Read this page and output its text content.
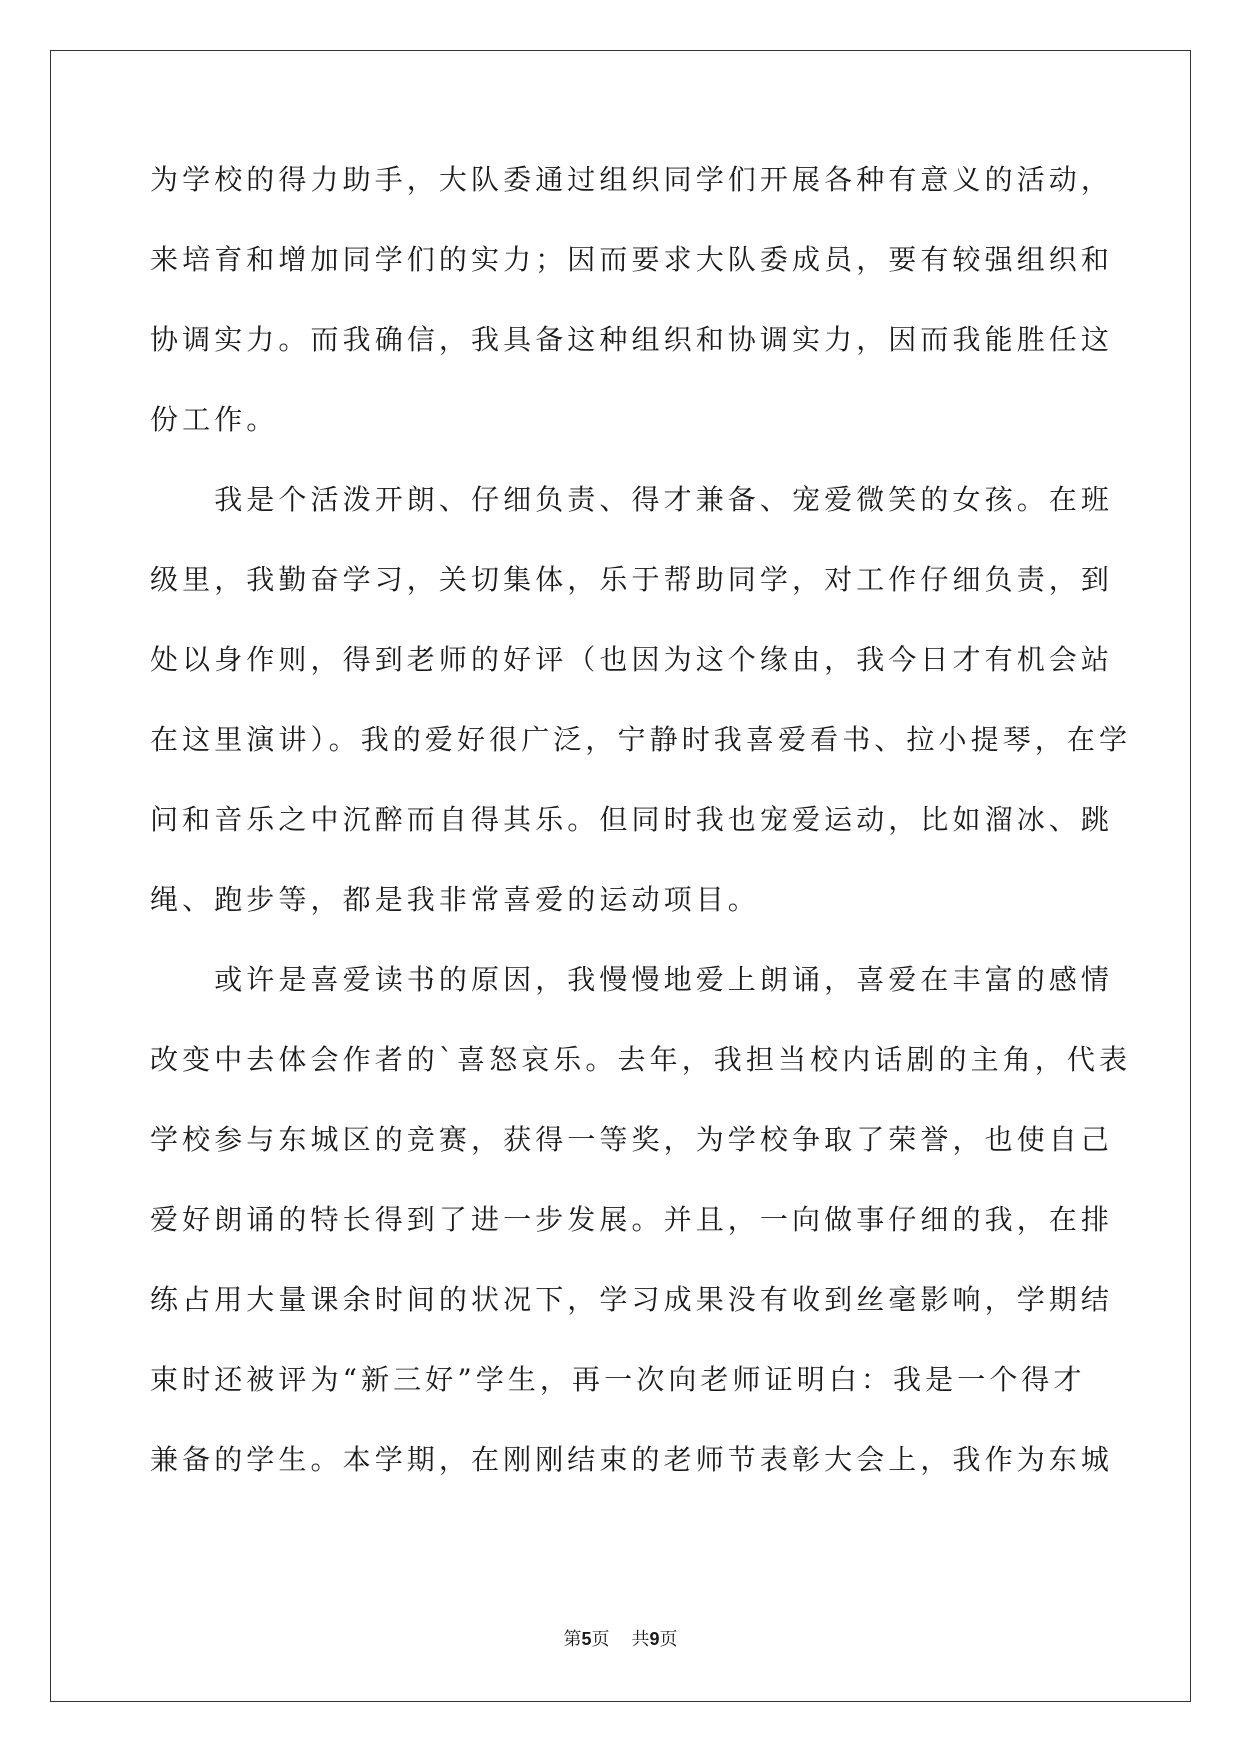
为学校的得力助手，大队委通过组织同学们开展各种有意义的活动，
来培育和增加同学们的实力；因而要求大队委成员，要有较强组织和
协调实力。而我确信，我具备这种组织和协调实力，因而我能胜任这
份工作。
　　我是个活泼开朗、仔细负责、得才兼备、宠爱微笑的女孩。在班
级里，我勤奋学习，关切集体，乐于帮助同学，对工作仔细负责，到
处以身作则，得到老师的好评（也因为这个缘由，我今日才有机会站
在这里演讲）。我的爱好很广泛，宁静时我喜爱看书、拉小提琴，在学
问和音乐之中沉醉而自得其乐。但同时我也宠爱运动，比如溜冰、跳
绳、跑步等，都是我非常喜爱的运动项目。
　　或许是喜爱读书的原因，我慢慢地爱上朗诵，喜爱在丰富的感情
改变中去体会作者的`喜怒哀乐。去年，我担当校内话剧的主角，代表
学校参与东城区的竞赛，获得一等奖，为学校争取了荣誉，也使自己
爱好朗诵的特长得到了进一步发展。并且，一向做事仔细的我，在排
练占用大量课余时间的状况下，学习成果没有收到丝毫影响，学期结
束时还被评为“新三好”学生，再一次向老师证明白：我是一个得才
兼备的学生。本学期，在刚刚结束的老师节表彰大会上，我作为东城
第5页 共9页
